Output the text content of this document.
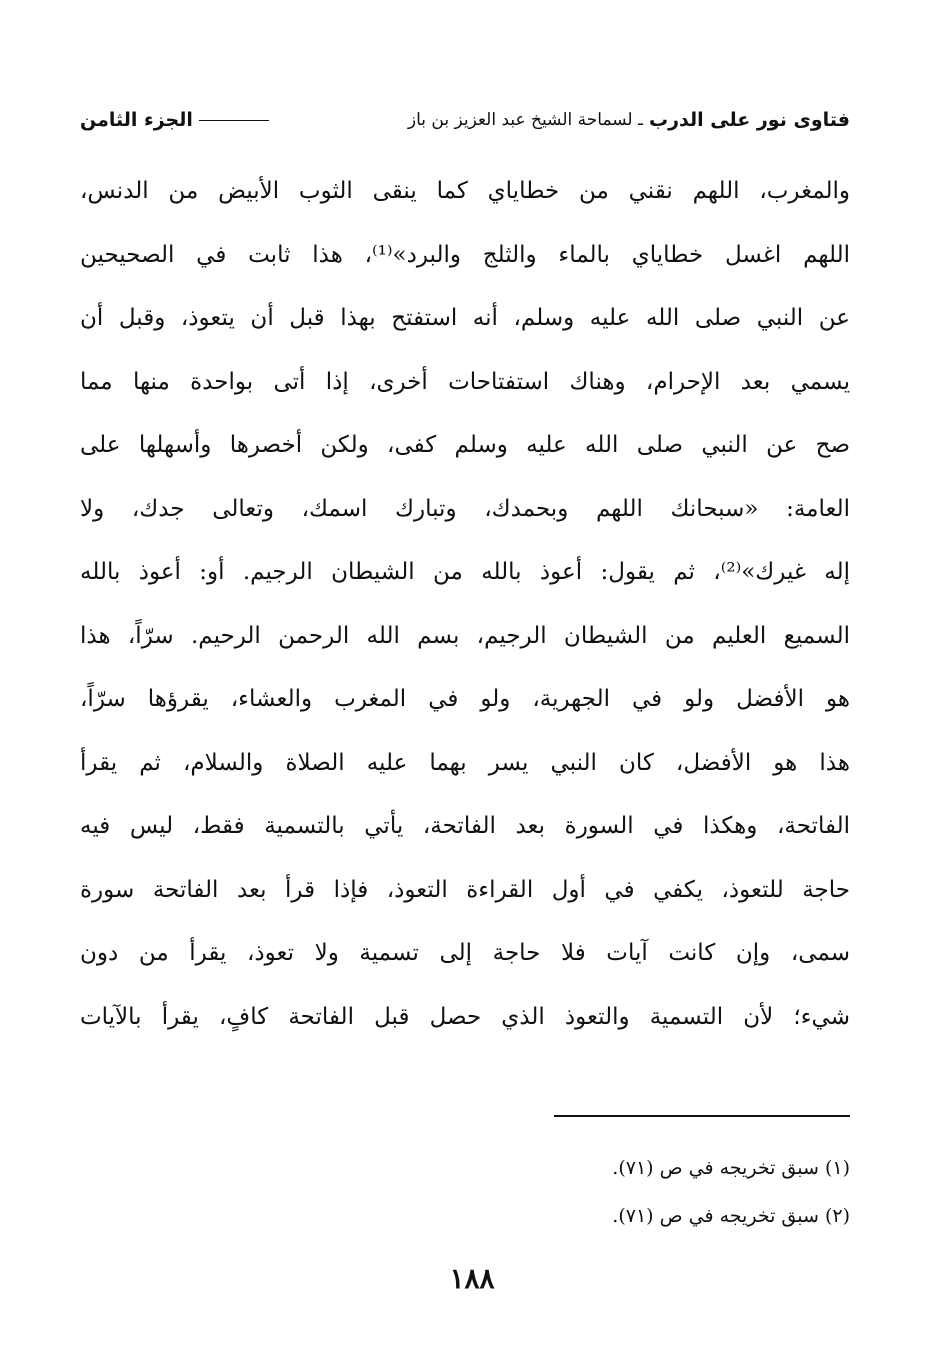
فتاوى نور على الدرب
ـ لسماحة الشيخ عبد العزيز بن باز
الجزء الثامن
والمغرب، اللهم نقني من خطاياي كما ينقى الثوب الأبيض من الدنس،
اللهم اغسل خطاياي بالماء والثلج والبرد»⁽¹⁾، هذا ثابت في الصحيحين
عن النبي صلى الله عليه وسلم، أنه استفتح بهذا قبل أن يتعوذ، وقبل أن
يسمي بعد الإحرام، وهناك استفتاحات أخرى، إذا أتى بواحدة منها مما
صح عن النبي صلى الله عليه وسلم كفى، ولكن أخصرها وأسهلها على
العامة: «سبحانك اللهم وبحمدك، وتبارك اسمك، وتعالى جدك، ولا
إله غيرك»⁽²⁾، ثم يقول: أعوذ بالله من الشيطان الرجيم. أو: أعوذ بالله
السميع العليم من الشيطان الرجيم، بسم الله الرحمن الرحيم. سرّاً، هذا
هو الأفضل ولو في الجهرية، ولو في المغرب والعشاء، يقرؤها سرّاً،
هذا هو الأفضل، كان النبي يسر بهما عليه الصلاة والسلام، ثم يقرأ
الفاتحة، وهكذا في السورة بعد الفاتحة، يأتي بالتسمية فقط، ليس فيه
حاجة للتعوذ، يكفي في أول القراءة التعوذ، فإذا قرأ بعد الفاتحة سورة
سمى، وإن كانت آيات فلا حاجة إلى تسمية ولا تعوذ، يقرأ من دون
شيء؛ لأن التسمية والتعوذ الذي حصل قبل الفاتحة كافٍ، يقرأ بالآيات
(١) سبق تخريجه في ص (٧١).
(٢) سبق تخريجه في ص (٧١).
١٨٨
